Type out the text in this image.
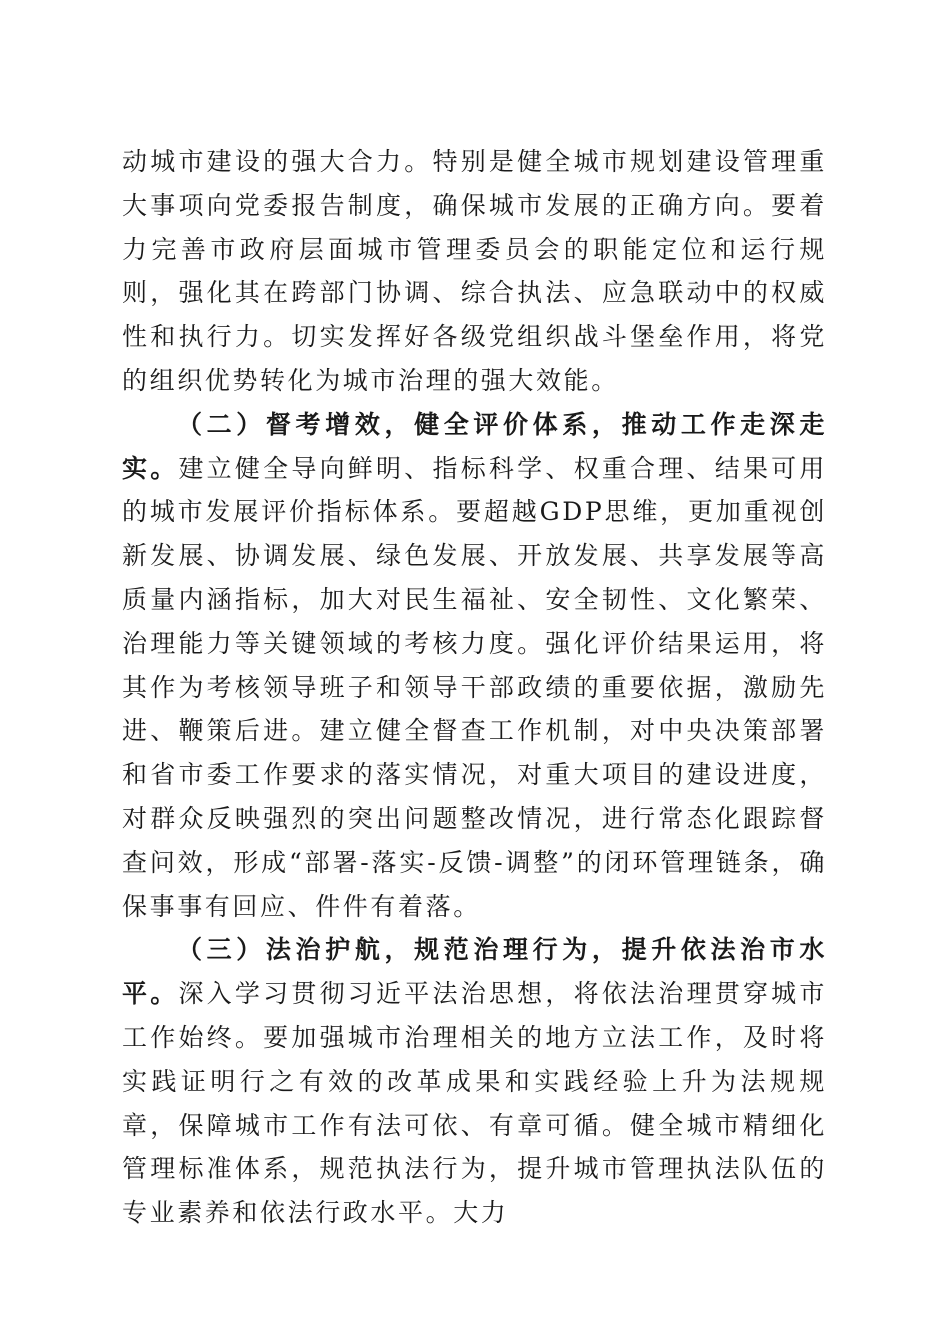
动城市建设的强大合力。特别是健全城市规划建设管理重大事项向党委报告制度，确保城市发展的正确方向。要着力完善市政府层面城市管理委员会的职能定位和运行规则，强化其在跨部门协调、综合执法、应急联动中的权威性和执行力。切实发挥好各级党组织战斗堡垒作用，将党的组织优势转化为城市治理的强大效能。

（二）督考增效，健全评价体系，推动工作走深走实。建立健全导向鲜明、指标科学、权重合理、结果可用的城市发展评价指标体系。要超越GDP思维，更加重视创新发展、协调发展、绿色发展、开放发展、共享发展等高质量内涵指标，加大对民生福祉、安全韧性、文化繁荣、治理能力等关键领域的考核力度。强化评价结果运用，将其作为考核领导班子和领导干部政绩的重要依据，激励先进、鞭策后进。建立健全督查工作机制，对中央决策部署和省市委工作要求的落实情况，对重大项目的建设进度，对群众反映强烈的突出问题整改情况，进行常态化跟踪督查问效，形成“部署-落实-反馈-调整”的闭环管理链条，确保事事有回应、件件有着落。

（三）法治护航，规范治理行为，提升依法治市水平。深入学习贯彻习近平法治思想，将依法治理贯穿城市工作始终。要加强城市治理相关的地方立法工作，及时将实践证明行之有效的改革成果和实践经验上升为法规规章，保障城市工作有法可依、有章可循。健全城市精细化管理标准体系，规范执法行为，提升城市管理执法队伍的专业素养和依法行政水平。大力
